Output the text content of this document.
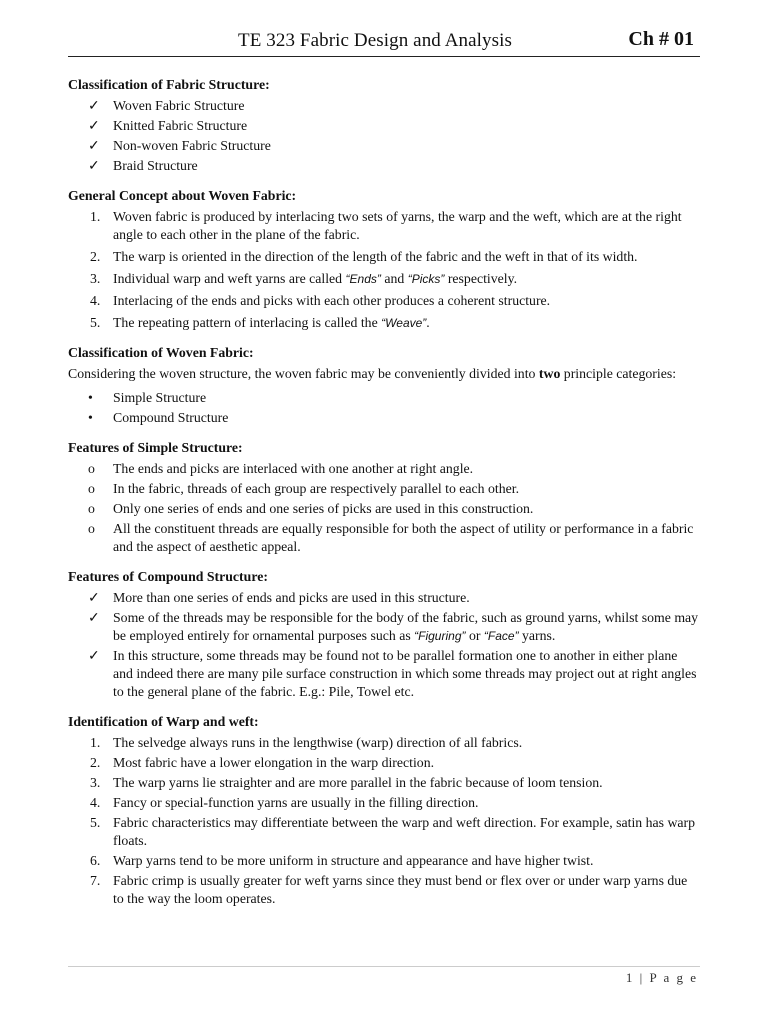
TE 323 Fabric Design and Analysis	Ch # 01
Classification of Fabric Structure:
✓ Woven Fabric Structure
✓ Knitted Fabric Structure
✓ Non-woven Fabric Structure
✓ Braid Structure
General Concept about Woven Fabric:
1. Woven fabric is produced by interlacing two sets of yarns, the warp and the weft, which are at the right angle to each other in the plane of the fabric.
2. The warp is oriented in the direction of the length of the fabric and the weft in that of its width.
3. Individual warp and weft yarns are called “Ends” and “Picks” respectively.
4. Interlacing of the ends and picks with each other produces a coherent structure.
5. The repeating pattern of interlacing is called the “Weave”.
Classification of Woven Fabric:
Considering the woven structure, the woven fabric may be conveniently divided into two principle categories:
•	Simple Structure
•	Compound Structure
Features of Simple Structure:
o	The ends and picks are interlaced with one another at right angle.
o	In the fabric, threads of each group are respectively parallel to each other.
o	Only one series of ends and one series of picks are used in this construction.
o	All the constituent threads are equally responsible for both the aspect of utility or performance in a fabric and the aspect of aesthetic appeal.
Features of Compound Structure:
✓ More than one series of ends and picks are used in this structure.
✓ Some of the threads may be responsible for the body of the fabric, such as ground yarns, whilst some may be employed entirely for ornamental purposes such as “Figuring” or “Face” yarns.
✓ In this structure, some threads may be found not to be parallel formation one to another in either plane and indeed there are many pile surface construction in which some threads may project out at right angles to the general plane of the fabric. E.g.: Pile, Towel etc.
Identification of Warp and weft:
1. The selvedge always runs in the lengthwise (warp) direction of all fabrics.
2. Most fabric have a lower elongation in the warp direction.
3. The warp yarns lie straighter and are more parallel in the fabric because of loom tension.
4. Fancy or special-function yarns are usually in the filling direction.
5. Fabric characteristics may differentiate between the warp and weft direction. For example, satin has warp floats.
6. Warp yarns tend to be more uniform in structure and appearance and have higher twist.
7. Fabric crimp is usually greater for weft yarns since they must bend or flex over or under warp yarns due to the way the loom operates.
1 | P a g e
